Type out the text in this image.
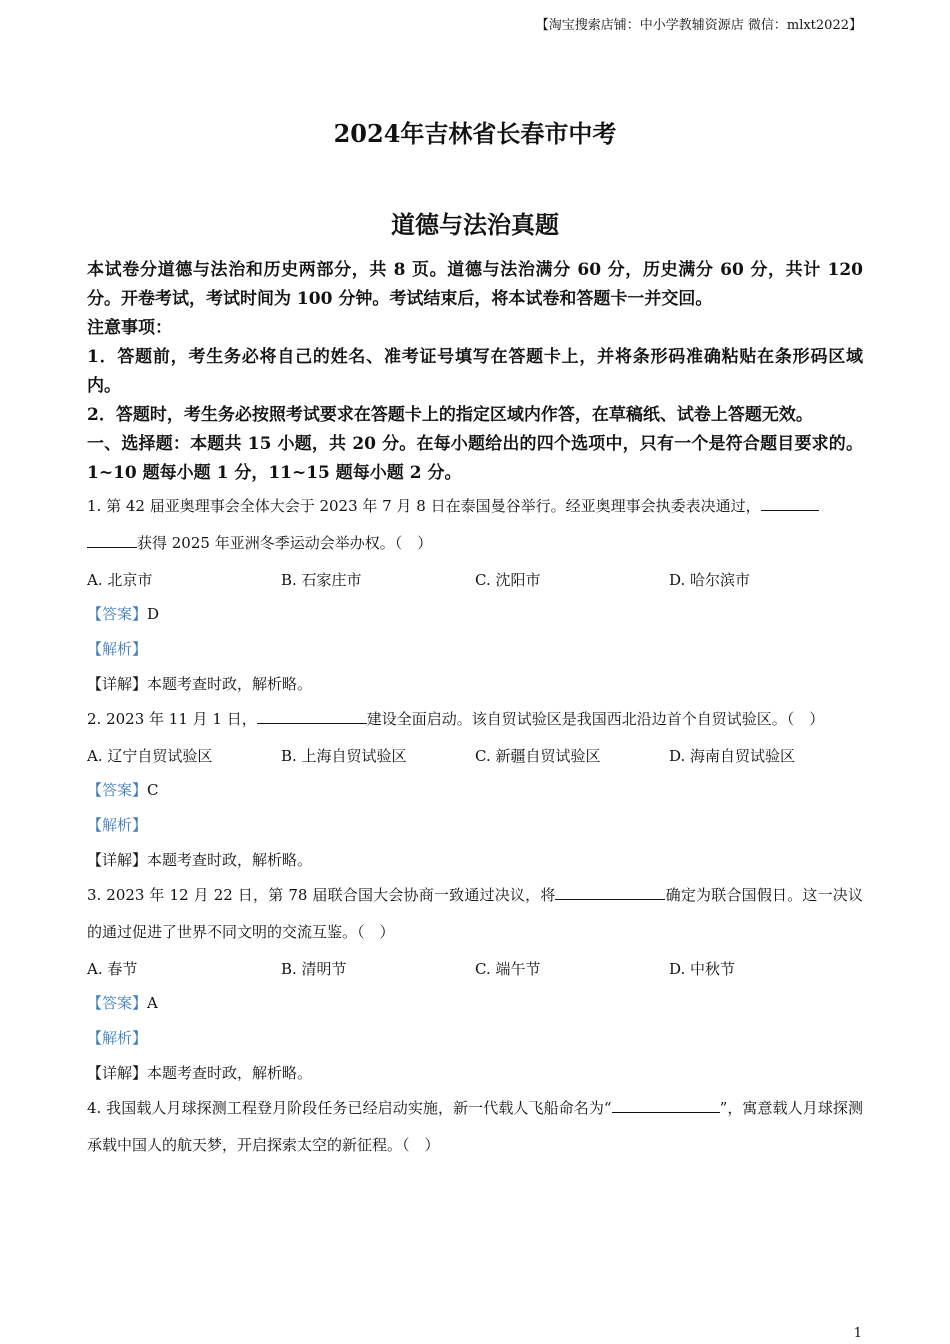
【淘宝搜索店铺：中小学教辅资源店 微信：mlxt2022】
2024年吉林省长春市中考
道德与法治真题

本试卷分道德与法治和历史两部分，共 8 页。道德与法治满分 60 分，历史满分 60 分，共计 120 分。开卷考试，考试时间为 100 分钟。考试结束后，将本试卷和答题卡一并交回。

注意事项：

1．答题前，考生务必将自己的姓名、准考证号填写在答题卡上，并将条形码准确粘贴在条形码区域内。

2．答题时，考生务必按照考试要求在答题卡上的指定区域内作答，在草稿纸、试卷上答题无效。

一、选择题：本题共 15 小题，共 20 分。在每小题给出的四个选项中，只有一个是符合题目要求的。1~10 题每小题 1 分，11~15 题每小题 2 分。

1. 第 42 届亚奥理事会全体大会于 2023 年 7 月 8 日在泰国曼谷举行。经亚奥理事会执委表决通过，
获得 2025 年亚洲冬季运动会举办权。（　）

A. 北京市	B. 石家庄市	C. 沈阳市	D. 哈尔滨市
【答案】 D
【解析】
【详解】 本题考查时政，解析略。

2. 2023 年 11 月 1 日，	建设全面启动。该自贸试验区是我国西北沿边首个自贸试验区。（　）

A. 辽宁自贸试验区	B. 上海自贸试验区	C. 新疆自贸试验区	D. 海南自贸试验区
【答案】 C
【解析】
【详解】 本题考查时政，解析略。

3. 2023 年 12 月 22 日，第 78 届联合国大会协商一致通过决议，将	确定为联合国假日。这一决议的通过促进了世界不同文明的交流互鉴。（　）

A. 春节	B. 清明节	C. 端午节	D. 中秋节
【答案】 A
【解析】
【详解】 本题考查时政，解析略。

4. 我国载人月球探测工程登月阶段任务已经启动实施，新一代载人飞船命名为“	”，寓意载人月球探测承载中国人的航天梦，开启探索太空的新征程。（　）

1
